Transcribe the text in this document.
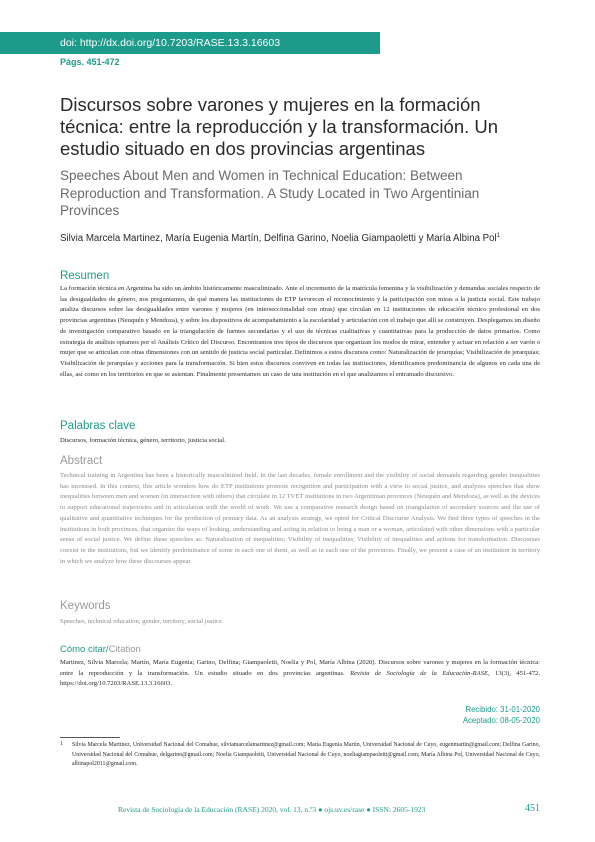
doi: http://dx.doi.org/10.7203/RASE.13.3.16603
Págs. 451-472
Discursos sobre varones y mujeres en la formación técnica: entre la reproducción y la transformación. Un estudio situado en dos provincias argentinas
Speeches About Men and Women in Technical Education: Between Reproduction and Transformation. A Study Located in Two Argentinian Provinces
Silvia Marcela Martinez, María Eugenia Martín, Delfina Garino, Noelia Giampaoletti y María Albina Pol$^1$
Resumen

La formación técnica en Argentina ha sido un ámbito históricamente masculinizado. Ante el incremento de la matrícula femenina y la visibilización y demandas sociales respecto de las desigualdades de género, nos preguntamos, de qué manera las instituciones de ETP favorecen el reconocimiento y la participación con miras a la justicia social. Este trabajo analiza discursos sobre las desigualdades entre varones y mujeres (en interseccionalidad con otras) que circulan en 12 instituciones de educación técnico profesional en dos provincias argentinas (Neuquén y Mendoza), y sobre los dispositivos de acompañamiento a la escolaridad y articulación con el trabajo que allí se construyen. Desplegamos un diseño de investigación comparativo basado en la triangulación de fuentes secundarias y el uso de técnicas cualitativas y cuantitativas para la producción de datos primarios. Como estrategia de análisis optamos por el Análisis Crítico del Discurso. Encontramos tres tipos de discursos que organizan los modos de mirar, entender y actuar en relación a ser varón o mujer que se articulan con otras dimensiones con un sentido de justicia social particular. Definimos a estos discursos como: Naturalización de jerarquías; Visibilización de jerarquías; Visibilización de jerarquías y acciones para la transformación. Si bien estos discursos conviven en todas las instituciones, identificamos predominancia de algunos en cada una de ellas, así como en los territorios en que se asientan. Finalmente presentamos un caso de una institución en el que analizamos el entramado discursivo.

Palabras clave

Discursos, formación técnica, género, territorio, justicia social.

Abstract

Technical training in Argentina has been a historically masculinized field. In the last decades, female enrollment and the visibility of social demands regarding gender inequalities has increased. In this context, this article wonders how do ETP institutions promote recognition and participation with a view to social justice, and analyzes speeches that show inequalities between men and women (in intersection with others) that circulate in 12 TVET institutions in two Argentinian provinces (Neuquén and Mendoza), as well as the devices to support educational trajectories and in articulation with the world of work. We use a comparative research design based on triangulation of secondary sources and the use of qualitative and quantitative techniques for the production of primary data. As an analysis strategy, we opted for Critical Discourse Analysis. We find three types of speeches in the institutions in both provinces, that organize the ways of looking, understanding and acting in relation to being a man or a woman, articulated with other dimensions with a particular sense of social justice. We define these speeches as: Naturalization of inequalities; Visibility of inequalities; Visibility of inequalities and actions for transformation. Discourses coexist in the institutions, but we identify predominance of some in each one of them, as well as in each one of the provinces. Finally, we present a case of an institution in territory in which we analyze how these discourses appear.

Keywords

Speeches, technical education, gender, territory, social justice.

Cómo citar/Citation

Martinez, Silvia Marcela; Martín, María Eugenia; Garino, Delfina; Giampaoletti, Noelia y Pol, María Albina (2020). Discursos sobre varones y mujeres en la formación técnica: entre la reproducción y la transformación. Un estudio situado en dos provincias argentinas. Revista de Sociología de la Educación-RASE, 13(3), 451-472. https://doi.org/10.7203/RASE.13.3.16603.

Recibido: 31-01-2020
Aceptado: 08-05-2020
1 Silvia Marcela Martinez, Universidad Nacional del Comahue, silviamarcelamartinez@gmail.com; María Eugenia Martín, Universidad Nacional de Cuyo, eugenmartin@gmail.com; Delfina Garino, Universidad Nacional del Comahue, delgarino@gmail.com; Noelia Giampaoletti, Universidad Nacional de Cuyo, noeliagiampaoletti@gmail.com; María Albina Pol, Universidad Nacional de Cuyo, albinapol2011@gmail.com.

Revista de Sociología de la Educación (RASE) 2020, vol. 13, n.º3 ● ojs.uv.es/rase ● ISSN: 2605-1923	451
